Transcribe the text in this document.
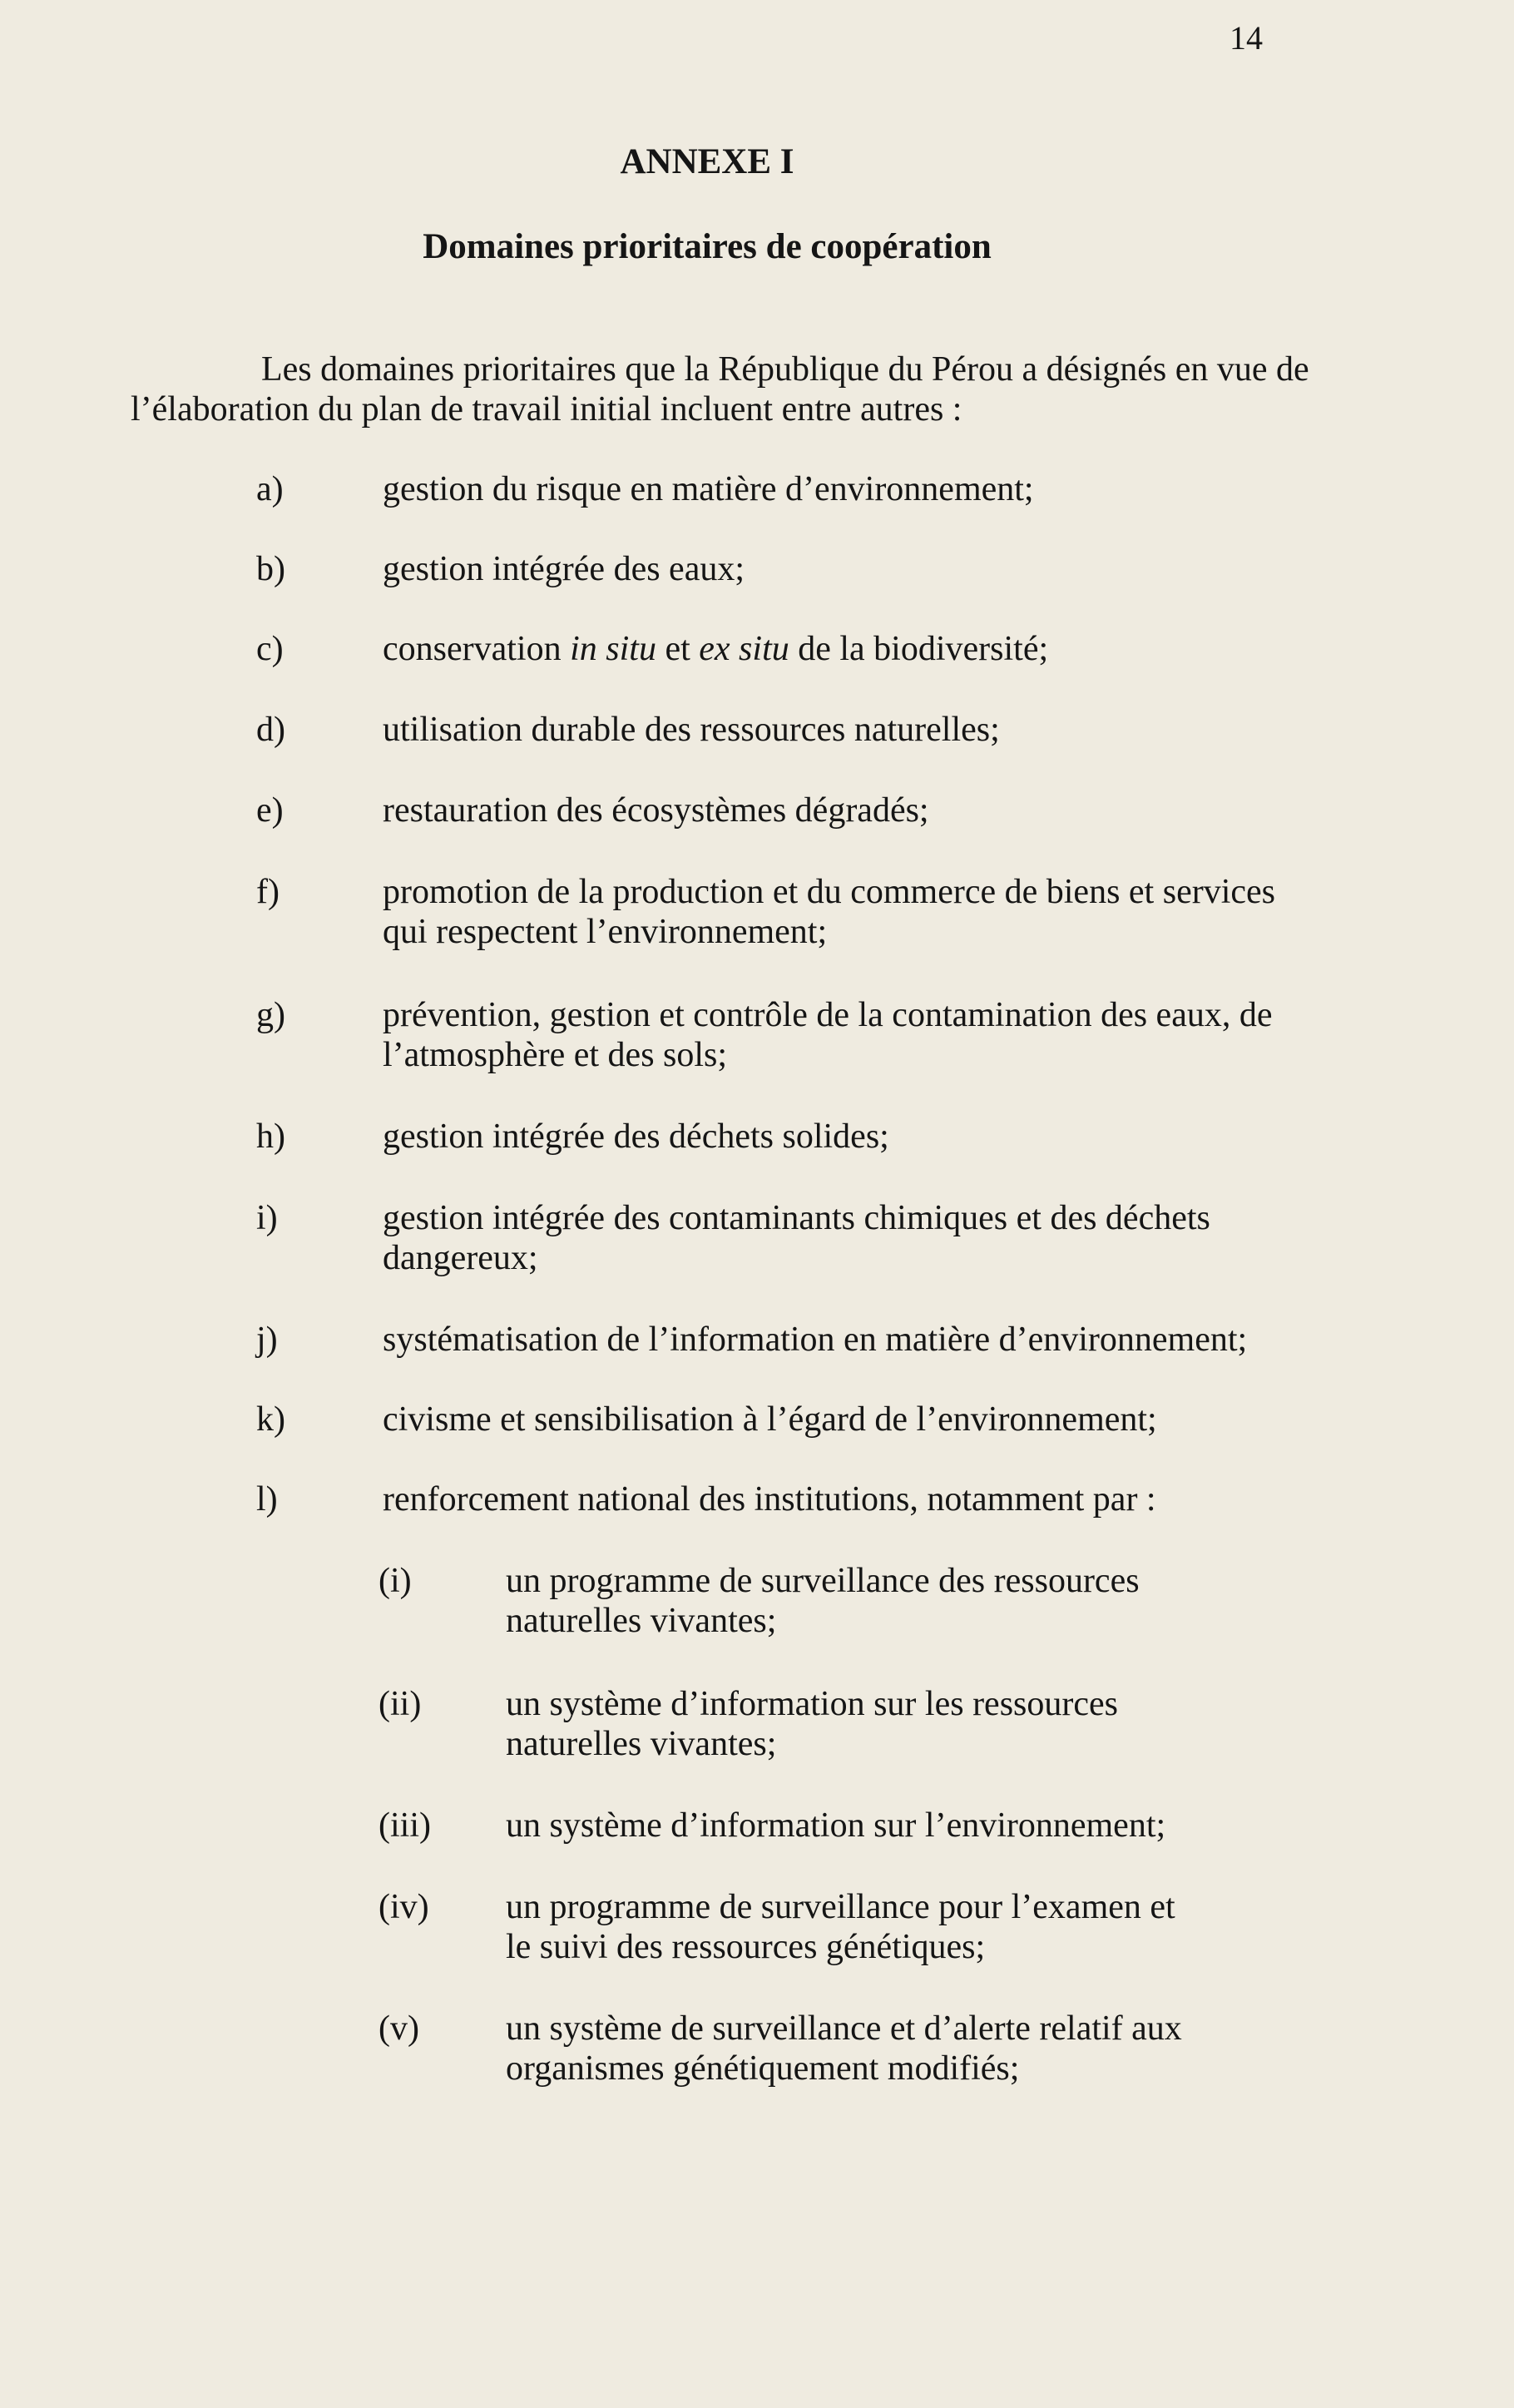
14
ANNEXE I
Domaines prioritaires de coopération
Les domaines prioritaires que la République du Pérou a désignés en vue de l’élaboration du plan de travail initial incluent entre autres :
a)	gestion du risque en matière d’environnement;
b)	gestion intégrée des eaux;
c)	conservation in situ et ex situ de la biodiversité;
d)	utilisation durable des ressources naturelles;
e)	restauration des écosystèmes dégradés;
f)	promotion de la production et du commerce de biens et services qui respectent l’environnement;
g)	prévention, gestion et contrôle de la contamination des eaux, de l’atmosphère et des sols;
h)	gestion intégrée des déchets solides;
i)	gestion intégrée des contaminants chimiques et des déchets dangereux;
j)	systématisation de l’information en matière d’environnement;
k)	civisme et sensibilisation à l’égard de l’environnement;
l)	renforcement national des institutions, notamment par :
(i)	un programme de surveillance des ressources naturelles vivantes;
(ii) un système d’information sur les ressources naturelles vivantes;
(iii) un système d’information sur l’environnement;
(iv) un programme de surveillance pour l’examen et le suivi des ressources génétiques;
(v) un système de surveillance et d’alerte relatif aux organismes génétiquement modifiés;
